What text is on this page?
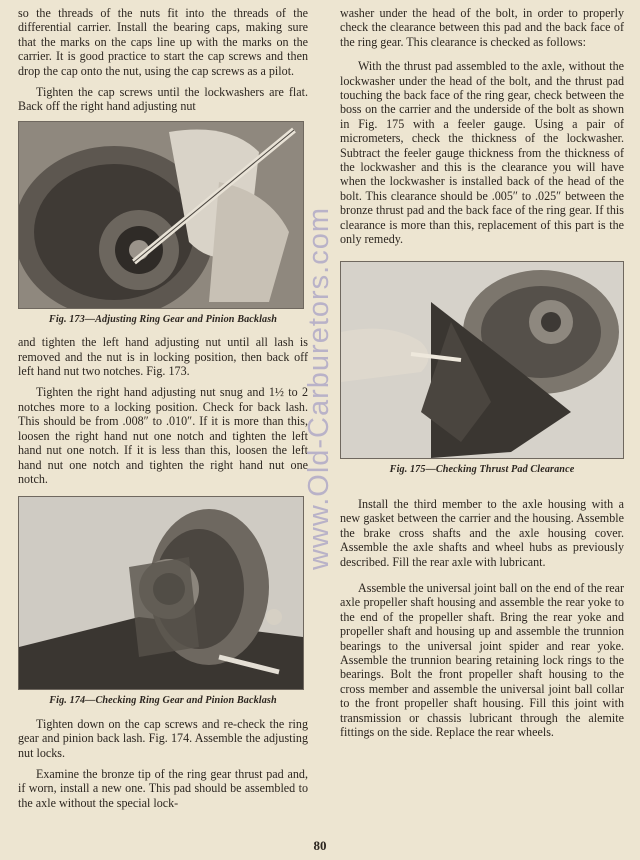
so the threads of the nuts fit into the threads of the differential carrier. Install the bearing caps, making sure that the marks on the caps line up with the marks on the carrier. It is good practice to start the cap screws and then drop the cap onto the nut, using the cap screws as a pilot.

Tighten the cap screws until the lockwashers are flat. Back off the right hand adjusting nut

Fig. 173—Adjusting Ring Gear and Pinion Backlash

and tighten the left hand adjusting nut until all lash is removed and the nut is in locking position, then back off left hand nut two notches. Fig. 173.

Tighten the right hand adjusting nut snug and 1½ to 2 notches more to a locking position. Check for back lash. This should be from .008″ to .010″. If it is more than this, loosen the right hand nut one notch and tighten the left hand nut one notch. If it is less than this, loosen the left hand nut one notch and tighten the right hand nut one notch.

Fig. 174—Checking Ring Gear and Pinion Backlash

Tighten down on the cap screws and re-check the ring gear and pinion back lash. Fig. 174. Assemble the adjusting nut locks.

Examine the bronze tip of the ring gear thrust pad and, if worn, install a new one. This pad should be assembled to the axle without the special lock-

www.Old-Carburetors.com

washer under the head of the bolt, in order to properly check the clearance between this pad and the back face of the ring gear. This clearance is checked as follows:

With the thrust pad assembled to the axle, without the lockwasher under the head of the bolt, and the thrust pad touching the back face of the ring gear, check between the boss on the carrier and the underside of the bolt as shown in Fig. 175 with a feeler gauge. Using a pair of micrometers, check the thickness of the lockwasher. Subtract the feeler gauge thickness from the thickness of the lockwasher and this is the clearance you will have when the lockwasher is installed back of the head of the bolt. This clearance should be .005″ to .025″ between the bronze thrust pad and the back face of the ring gear. If this clearance is more than this, replacement of this part is the only remedy.

Fig. 175—Checking Thrust Pad Clearance

Install the third member to the axle housing with a new gasket between the carrier and the housing. Assemble the brake cross shafts and the axle housing cover. Assemble the axle shafts and wheel hubs as previously described. Fill the rear axle with lubricant.

Assemble the universal joint ball on the end of the rear axle propeller shaft housing and assemble the rear yoke to the end of the propeller shaft. Bring the rear yoke and propeller shaft and housing up and assemble the trunnion bearings to the universal joint spider and rear yoke. Assemble the trunnion bearing retaining lock rings to the bearings. Bolt the front propeller shaft housing to the cross member and assemble the universal joint ball collar to the front propeller shaft housing. Fill this joint with transmission or chassis lubricant through the alemite fittings on the side. Replace the rear wheels.

80
